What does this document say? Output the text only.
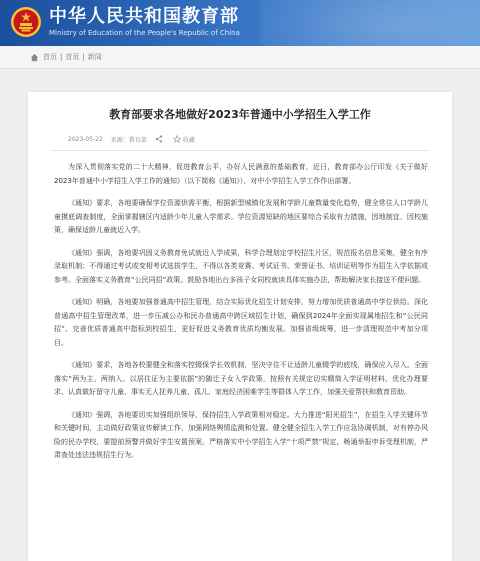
中华人民共和国教育部
Ministry of Education of the People's Republic of China
首页 | 首页 | 新闻
教育部要求各地做好2023年普通中小学招生入学工作
2023-05-22 来源：教育部	收藏

为深入贯彻落实党的二十大精神，促进教育公平，办好人民满意的基础教育，近日，教育部办公厅印发《关于做好2023年普通中小学招生入学工作的通知》（以下简称《通知》），对中小学招生入学工作作出部署。

《通知》要求，各地要确保学位资源供需平衡，根据新型城镇化发展和学龄儿童数量变化趋势，健全常住人口学龄儿童摸底调查制度，全面掌握辖区内适龄少年儿童入学需求。学位资源短缺的地区要综合采取有力措施，因地制宜、因校施策，确保适龄儿童就近入学。

《通知》强调，各地要巩固义务教育免试就近入学成果，科学合理划定学校招生片区，规范报名信息采集，健全有序录取机制；不得通过考试或变相考试选拔学生，不得以各类竞赛、考试证书、荣誉证书、培训证明等作为招生入学依据或参考。全面落实义务教育“公民同招”政策。鼓励各地出台多孩子女同校就读具体实施办法，帮助解决家长接送不便问题。

《通知》明确，各地要加强普通高中招生管理，结合实际优化招生计划安排，努力增加优质普通高中学位供给。深化普通高中招生管理改革，进一步压减公办和民办普通高中跨区域招生计划，确保到2024年全面实现属地招生和“公民同招”。完善优质普通高中指标到校招生，更好促进义务教育优质均衡发展。加强省级统筹，进一步清理规范中考加分项目。

《通知》要求，各地各校要健全和落实控辍保学长效机制，坚决守住不让适龄儿童辍学的底线，确保应入尽入。全面落实“两为主、两纳入、以居住证为主要依据”的随迁子女入学政策，按照有关规定切实精简入学证明材料、优化办理要求。认真做好留守儿童、事实无人抚养儿童、孤儿、家庭经济困难学生等群体入学工作，加强关爱帮扶和教育资助。

《通知》强调，各地要切实加强组织领导，保持招生入学政策相对稳定。大力推进“阳光招生”，在招生入学关键环节和关键时间，主动做好政策宣传解读工作，加强网络舆情监测和处置。健全健全招生入学工作应急协调机制，对有停办风险的民办学校，要提前预警并做好学生安置预案。严格落实中小学招生入学“十项严禁”规定，畅通举报申诉受理机制，严肃查处违法违规招生行为。
